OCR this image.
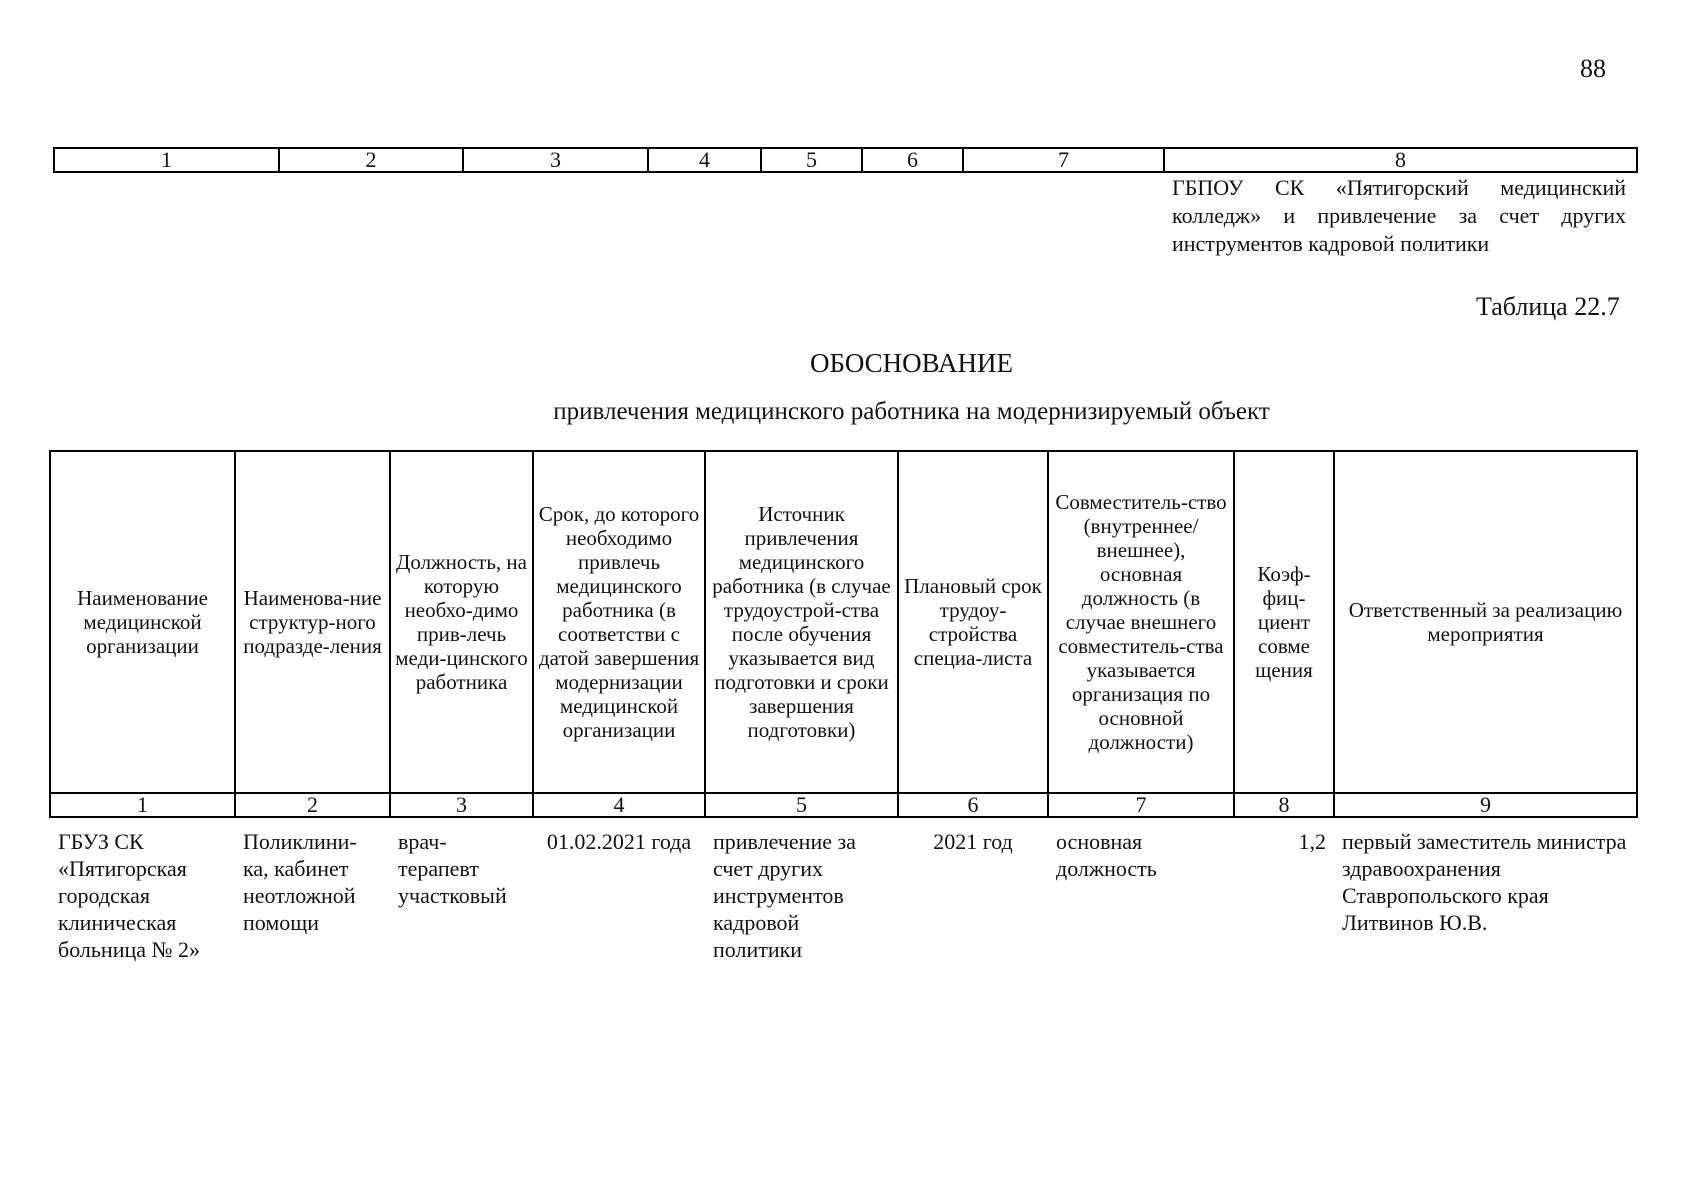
88
1	2	3	4	5	6	7	8
ГБПОУ СК «Пятигорский медицинский колледж» и привлечение за счет других инструментов кадровой политики
Таблица 22.7
ОБОСНОВАНИЕ
привлечения медицинского работника на модернизируемый объект
Наименование медицинской организации	Наименова-ние структур-ного подразде-ления	Должность, на которую необхо-димо прив-лечь меди-цинского работника	Срок, до которого необходимо привлечь медицинского работника (в соответстви с датой завершения модернизации медицинской организации	Источник привлечения медицинского работника (в случае трудоустрой-ства после обучения указывается вид подготовки и сроки завершения подготовки)	Плановый срок трудоу-стройства специа-листа	Совместитель-ство (внутреннее/ внешнее), основная должность (в случае внешнего совместитель-ства указывается организация по основной должности)	Коэф-фиц-циент совме щения	Ответственный за реализацию мероприятия
1	2	3	4	5	6	7	8	9
ГБУЗ СК «Пятигорская городская клиническая больница № 2»	Поликлини-ка, кабинет неотложной помощи	врач-терапевт участковый	01.02.2021 года	привлечение за счет других инструментов кадровой политики	2021 год	основная должность	1,2	первый заместитель министра здравоохранения Ставропольского края Литвинов Ю.В.
